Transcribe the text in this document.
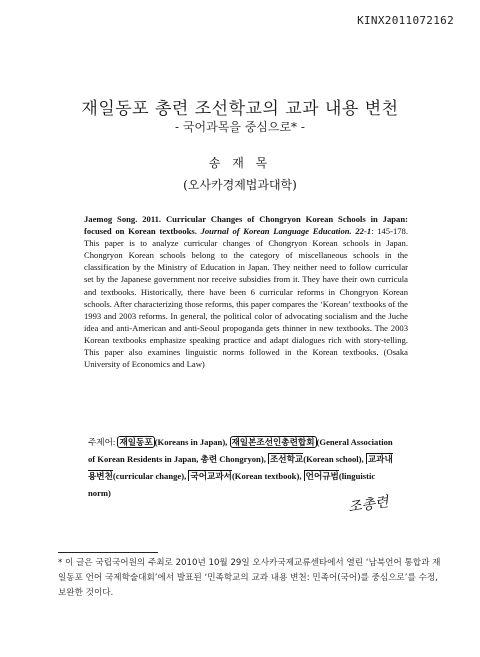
KINX2011072162
재일동포 총련 조선학교의 교과 내용 변천
- 국어과목을 중심으로* -
송 재 목
(오사카경제법과대학)
Jaemog Song. 2011. Curricular Changes of Chongryon Korean Schools in Japan: focused on Korean textbooks. Journal of Korean Language Education. 22-1: 145-178. This paper is to analyze curricular changes of Chongryon Korean schools in Japan. Chongryon Korean schools belong to the category of miscellaneous schools in the classification by the Ministry of Education in Japan. They neither need to follow curricular set by the Japanese government nor receive subsidies from it. They have their own curricula and textbooks. Historically, there have been 6 curricular reforms in Chongryon Korean schools. After characterizing those reforms, this paper compares the ‘Korean’ textbooks of the 1993 and 2003 reforms. In general, the political color of advocating socialism and the Juche idea and anti-American and anti-Seoul propoganda gets thinner in new textbooks. The 2003 Korean textbooks emphasize speaking practice and adapt dialogues rich with story-telling. This paper also examines linguistic norms followed in the Korean textbooks. (Osaka University of Economics and Law)
주제어: 재일동포 (Koreans in Japan), 재일본조선인총련합회 (General Association of Korean Residents in Japan, 총련 Chongryon), 조선학교(Korean school), 교과내용변천(curricular change), 국어교과서(Korean textbook), 언어규범(linguistic norm)
조총련
* 이 글은 국립국어원의 주최로 2010년 10월 29일 오사카국제교류센타에서 열린 ‘남북언어 통합과 재일동포 언어 국제학술대회’에서 발표된 ‘민족학교의 교과 내용 변천: 민족어(국어)를 중심으로’를 수정, 보완한 것이다.
